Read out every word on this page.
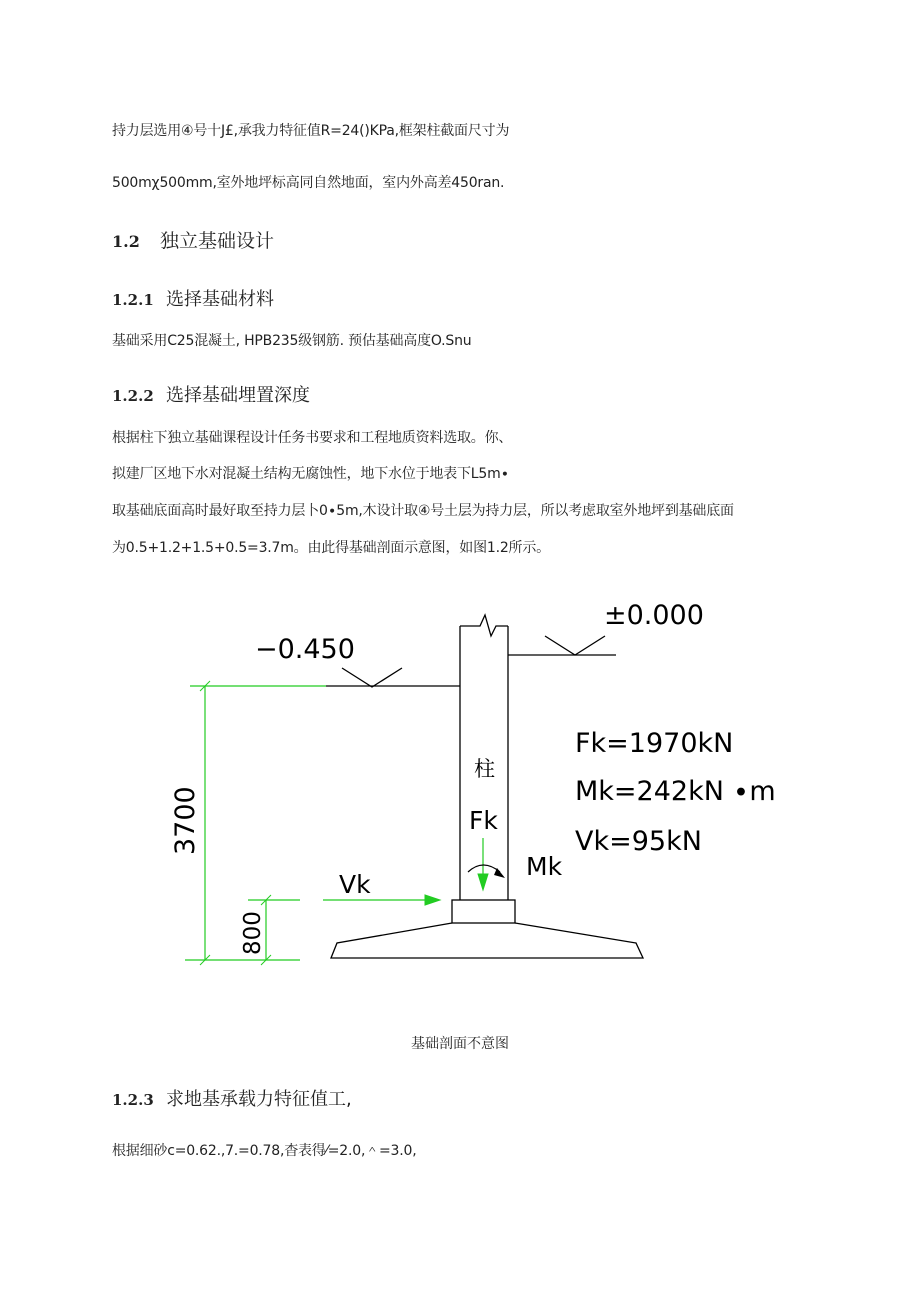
持力层选用④号十J£,承我力特征值R=24()KPa,框架柱截面尺寸为
500mχ500mm,室外地坪标高同自然地面，室内外高差450ran.
1.2 独立基础设计
1.2.1 选择基础材料
基础采用C25混凝土, HPB235级钢筋. 预估基础高度O.Snu
1.2.2 选择基础埋置深度
根据柱下独立基础课程设计任务书要求和工程地质资料选取。你、
拟建厂区地下水对混凝土结构无腐蚀性，地下水位于地表下L5m∙
取基础底面高时最好取至持力层卜0∙5m,木设计取④号土层为持力层，所以考虑取室外地坪到基础底面
为0.5+1.2+1.5+0.5=3.7m。由此得基础剖面示意图，如图1.2所示。
−0.450
±0.000
柱
Fk
Mk
Vk
3700
800
Fk=1970kN
Mk=242kN ∙m
Vk=95kN
基础剖面不意图
1.2.3 求地基承载力特征值工,
根据细砂c=0.62.,7.=0.78,杳表得⁄=2.0,＾=3.0,
